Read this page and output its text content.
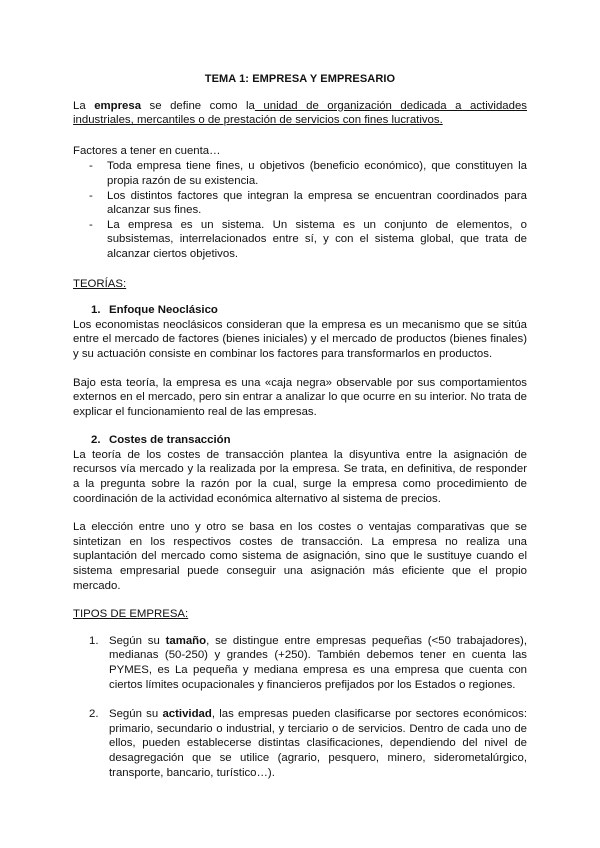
TEMA 1: EMPRESA Y EMPRESARIO

La empresa se define como la unidad de organización dedicada a actividades industriales, mercantiles o de prestación de servicios con fines lucrativos.

Factores a tener en cuenta…

- Toda empresa tiene fines, u objetivos (beneficio económico), que constituyen la propia razón de su existencia.
- Los distintos factores que integran la empresa se encuentran coordinados para alcanzar sus fines.
- La empresa es un sistema. Un sistema es un conjunto de elementos, o subsistemas, interrelacionados entre sí, y con el sistema global, que trata de alcanzar ciertos objetivos.

TEORÍAS:

1. Enfoque Neoclásico

Los economistas neoclásicos consideran que la empresa es un mecanismo que se sitúa entre el mercado de factores (bienes iniciales) y el mercado de productos (bienes finales) y su actuación consiste en combinar los factores para transformarlos en productos.

Bajo esta teoría, la empresa es una «caja negra» observable por sus comportamientos externos en el mercado, pero sin entrar a analizar lo que ocurre en su interior. No trata de explicar el funcionamiento real de las empresas.

2. Costes de transacción

La teoría de los costes de transacción plantea la disyuntiva entre la asignación de recursos vía mercado y la realizada por la empresa. Se trata, en definitiva, de responder a la pregunta sobre la razón por la cual, surge la empresa como procedimiento de coordinación de la actividad económica alternativo al sistema de precios.

La elección entre uno y otro se basa en los costes o ventajas comparativas que se sintetizan en los respectivos costes de transacción. La empresa no realiza una suplantación del mercado como sistema de asignación, sino que le sustituye cuando el sistema empresarial puede conseguir una asignación más eficiente que el propio mercado.

TIPOS DE EMPRESA:

1. Según su tamaño, se distingue entre empresas pequeñas (<50 trabajadores), medianas (50-250) y grandes (+250). También debemos tener en cuenta las PYMES, es La pequeña y mediana empresa es una empresa que cuenta con ciertos límites ocupacionales y financieros prefijados por los Estados o regiones.
2. Según su actividad, las empresas pueden clasificarse por sectores económicos: primario, secundario o industrial, y terciario o de servicios. Dentro de cada uno de ellos, pueden establecerse distintas clasificaciones, dependiendo del nivel de desagregación que se utilice (agrario, pesquero, minero, siderometalúrgico, transporte, bancario, turístico…).
